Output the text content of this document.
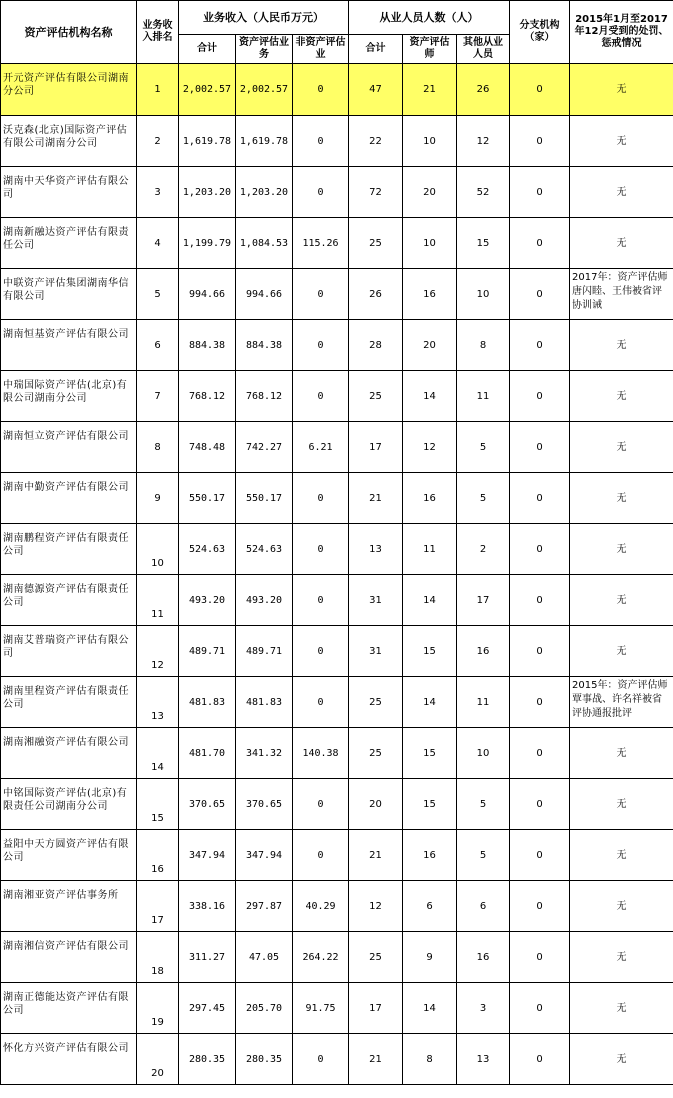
资产评估机构名称	业务收入排名	业务收入（人民币万元）			从业人员人数（人）			分支机构（家）	2015年1月至2017年12月受到的处罚、惩戒情况
		合计	资产评估业务	非资产评估业	合计	资产评估师	其他从业人员		
开元资产评估有限公司湖南分公司	1	2,002.57	2,002.57	0	47	21	26	0	无
沃克森(北京)国际资产评估有限公司湖南分公司	2	1,619.78	1,619.78	0	22	10	12	0	无
湖南中天华资产评估有限公司	3	1,203.20	1,203.20	0	72	20	52	0	无
湖南新融达资产评估有限责任公司	4	1,199.79	1,084.53	115.26	25	10	15	0	无
中联资产评估集团湖南华信有限公司	5	994.66	994.66	0	26	16	10	0	2017年：资产评估师唐闪睦、王伟被省评协训诫
湖南恒基资产评估有限公司	6	884.38	884.38	0	28	20	8	0	无
中瑞国际资产评估(北京)有限公司湖南分公司	7	768.12	768.12	0	25	14	11	0	无
湖南恒立资产评估有限公司	8	748.48	742.27	6.21	17	12	5	0	无
湖南中勤资产评估有限公司	9	550.17	550.17	0	21	16	5	0	无
湖南鹏程资产评估有限责任公司	10	524.63	524.63	0	13	11	2	0	无
湖南德源资产评估有限责任公司	11	493.20	493.20	0	31	14	17	0	无
湖南艾普瑞资产评估有限公司	12	489.71	489.71	0	31	15	16	0	无
湖南里程资产评估有限责任公司	13	481.83	481.83	0	25	14	11	0	2015年：资产评估师覃事战、许名祥被省评协通报批评
湖南湘融资产评估有限公司	14	481.70	341.32	140.38	25	15	10	0	无
中铭国际资产评估(北京)有限责任公司湖南分公司	15	370.65	370.65	0	20	15	5	0	无
益阳中天方圆资产评估有限公司	16	347.94	347.94	0	21	16	5	0	无
湖南湘亚资产评估事务所	17	338.16	297.87	40.29	12	6	6	0	无
湖南湘信资产评估有限公司	18	311.27	47.05	264.22	25	9	16	0	无
湖南正德能达资产评估有限公司	19	297.45	205.70	91.75	17	14	3	0	无
怀化方兴资产评估有限公司	20	280.35	280.35	0	21	8	13	0	无
